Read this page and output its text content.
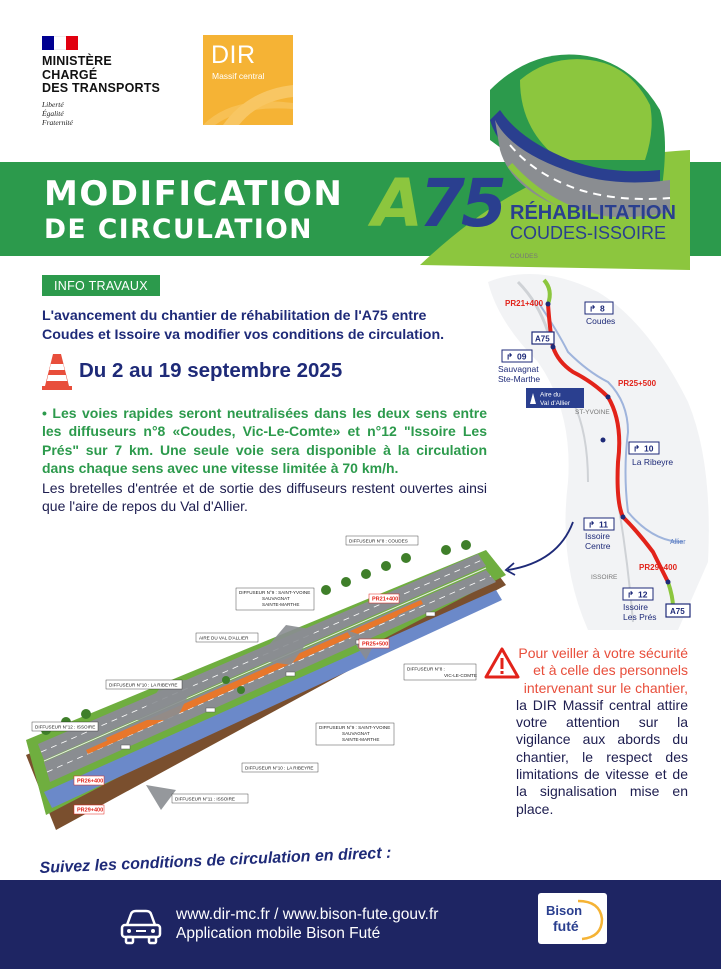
MINISTÈRE
CHARGÉ
DES TRANSPORTS
Liberté
Égalité
Fraternité
DIR
Massif central
MODIFICATION
DE CIRCULATION A75 RÉHABILITATION
COUDES-ISSOIRE
INFO TRAVAUX
L'avancement du chantier de réhabilitation de l'A75 entre Coudes et Issoire va modifier vos conditions de circulation.
Du 2 au 19 septembre 2025
• Les voies rapides seront neutralisées dans les deux sens entre les diffuseurs n°8 «Coudes, Vic-Le-Comte» et n°12 "Issoire Les Prés" sur 7 km. Une seule voie sera disponible à la circulation dans chaque sens avec une vitesse limitée à 70 km/h.
Les bretelles d'entrée et de sortie des diffuseurs restent ouvertes ainsi que l'aire de repos du Val d'Allier.
COUDES
ST-YVOINE
ISSOIRE
Allier
PR21+400
PR25+500
PR29+400
A75
A75
↱ 8
Coudes
↱ 09
Sauvagnat
Ste-Marthe
Aire du
Val d'Allier
↱ 10
La Ribeyre
↱ 11
Issoire
Centre
↱ 12
Issoire
Les Prés
DIFFUSEUR N°8 : COUDES
DIFFUSEUR N°9 : SAINT-YVOINE
SAUVAGNAT
SAINTE-MARTHE
AIRE DU VAL D'ALLIER
DIFFUSEUR N°10 : LA RIBEYRE
DIFFUSEUR N°8 :
VIC-LE-COMTE
DIFFUSEUR N°12 : ISSOIRE	DIFFUSEUR N°9 : SAINT-YVOINE
SAUVAGNAT
SAINTE-MARTHE
DIFFUSEUR N°10 : LA RIBEYRE
DIFFUSEUR N°11 : ISSOIRE
PR21+400
PR25+500
PR26+400
PR29+400
Pour veiller à votre sécurité et à celle des personnels intervenant sur le chantier,
la DIR Massif central attire votre attention sur la vigilance aux abords du chantier, le respect des limitations de vitesse et de la signalisation mise en place.
Suivez les conditions de circulation en direct :
www.dir-mc.fr / www.bison-fute.gouv.fr
Application mobile Bison Futé
Bison
futé
